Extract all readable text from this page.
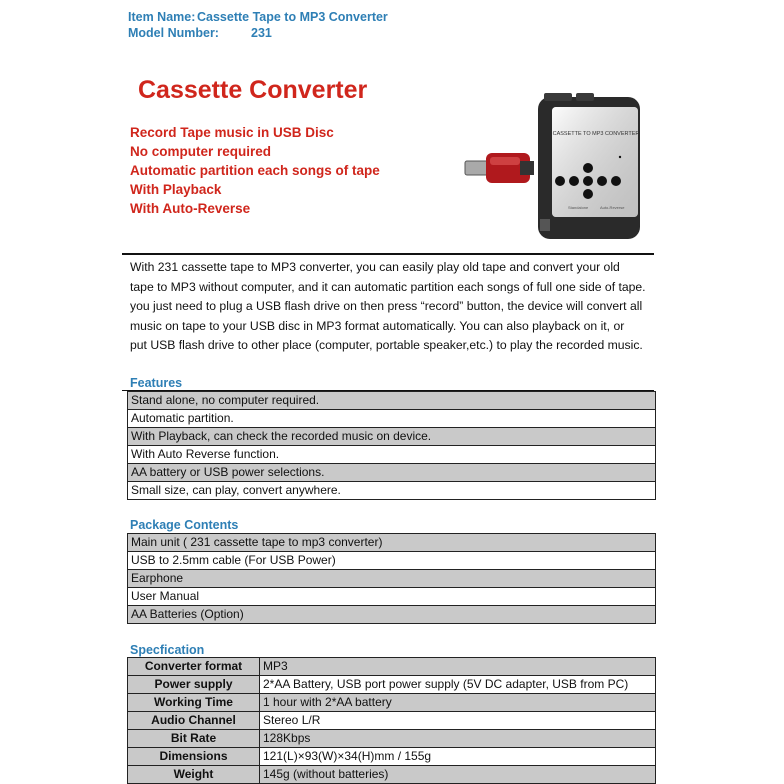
Item Name: Cassette Tape to MP3 Converter
Model Number:	231
Cassette Converter
Record Tape music in USB Disc
No computer required
Automatic partition each songs of tape
With Playback
With Auto-Reverse
CASSETTE TO MP3 CONVERTER
Standalone	Auto-Reverse

With 231 cassette tape to MP3 converter, you can easily play old tape and convert your old

tape to MP3 without computer, and it can automatic partition each songs of full one side of tape.

you just need to plug a USB flash drive on then press “record” button, the device will convert all

music on tape to your USB disc in MP3 format automatically. You can also playback on it, or

put USB flash drive to other place (computer, portable speaker,etc.) to play the recorded music.

Features
Stand alone, no computer required.
Automatic partition.
With Playback, can check the recorded music on device.
With Auto Reverse function.
AA battery or USB power selections.
Small size, can play, convert anywhere.
Package Contents
Main unit ( 231 cassette tape to mp3 converter)
USB to 2.5mm cable (For USB Power)
Earphone
User Manual
AA Batteries (Option)
Specfication
Converter format	MP3
Power supply	2*AA Battery, USB port power supply (5V DC adapter, USB from PC)
Working Time	1 hour with 2*AA battery
Audio Channel	Stereo L/R
Bit Rate	128Kbps
Dimensions	121(L)×93(W)×34(H)mm / 155g
Weight	145g (without batteries)
